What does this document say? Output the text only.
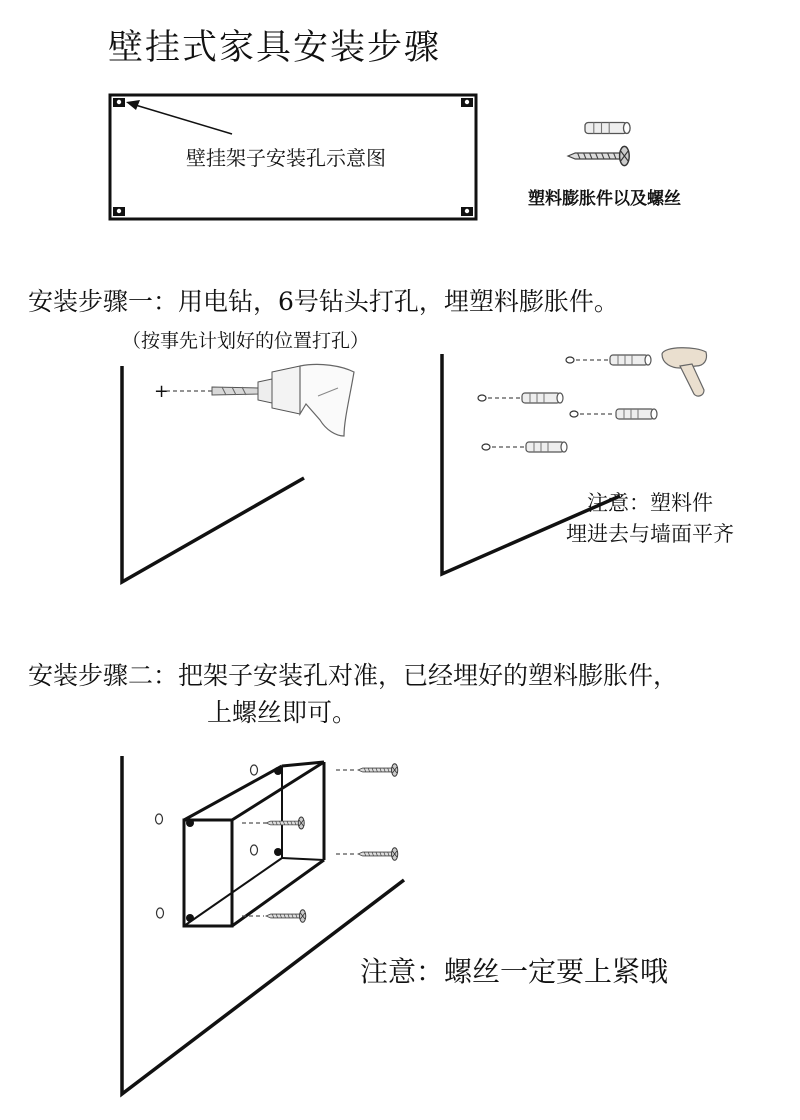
壁挂式家具安装步骤
+
壁挂架子安装孔示意图
塑料膨胀件以及螺丝
安装步骤一：用电钻，6号钻头打孔，埋塑料膨胀件。
（按事先计划好的位置打孔）
注意：塑料件
埋进去与墙面平齐
安装步骤二：把架子安装孔对准，已经埋好的塑料膨胀件，
上螺丝即可。
注意：螺丝一定要上紧哦
